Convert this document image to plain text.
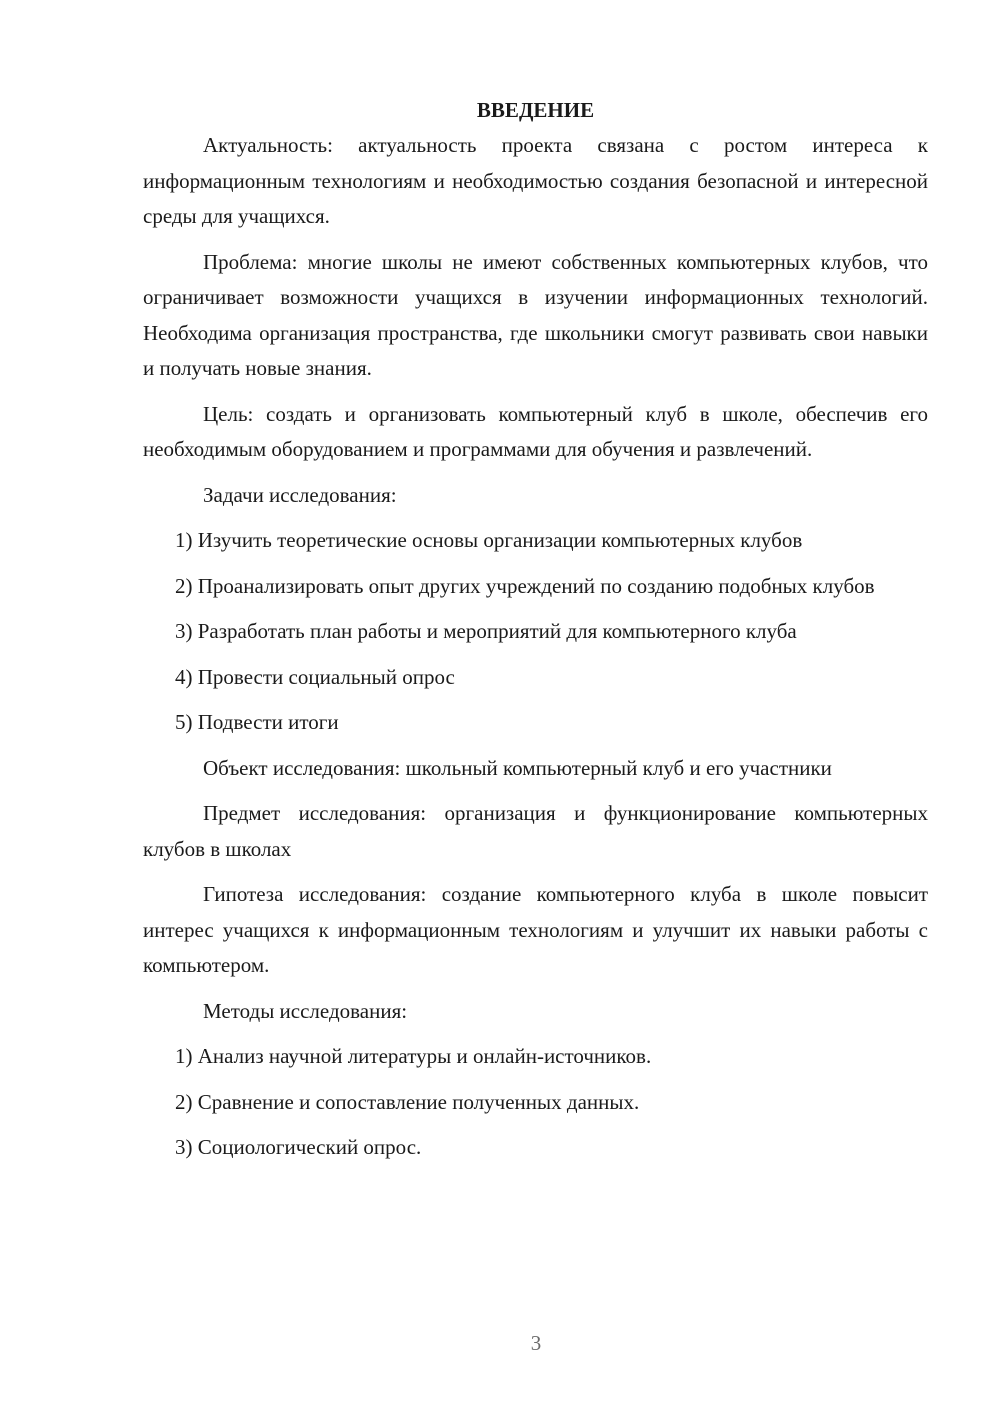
ВВЕДЕНИЕ

Актуальность: актуальность проекта связана с ростом интереса к информационным технологиям и необходимостью создания безопасной и интересной среды для учащихся.

Проблема: многие школы не имеют собственных компьютерных клубов, что ограничивает возможности учащихся в изучении информационных технологий. Необходима организация пространства, где школьники смогут развивать свои навыки и получать новые знания.

Цель: создать и организовать компьютерный клуб в школе, обеспечив его необходимым оборудованием и программами для обучения и развлечений.

Задачи исследования:

1) Изучить теоретические основы организации компьютерных клубов

2) Проанализировать опыт других учреждений по созданию подобных клубов

3) Разработать план работы и мероприятий для компьютерного клуба

4) Провести социальный опрос

5) Подвести итоги

Объект исследования: школьный компьютерный клуб и его участники

Предмет исследования: организация и функционирование компьютерных клубов в школах

Гипотеза исследования: создание компьютерного клуба в школе повысит интерес учащихся к информационным технологиям и улучшит их навыки работы с компьютером.

Методы исследования:

1) Анализ научной литературы и онлайн-источников.

2) Сравнение и сопоставление полученных данных.

3) Социологический опрос.

3
